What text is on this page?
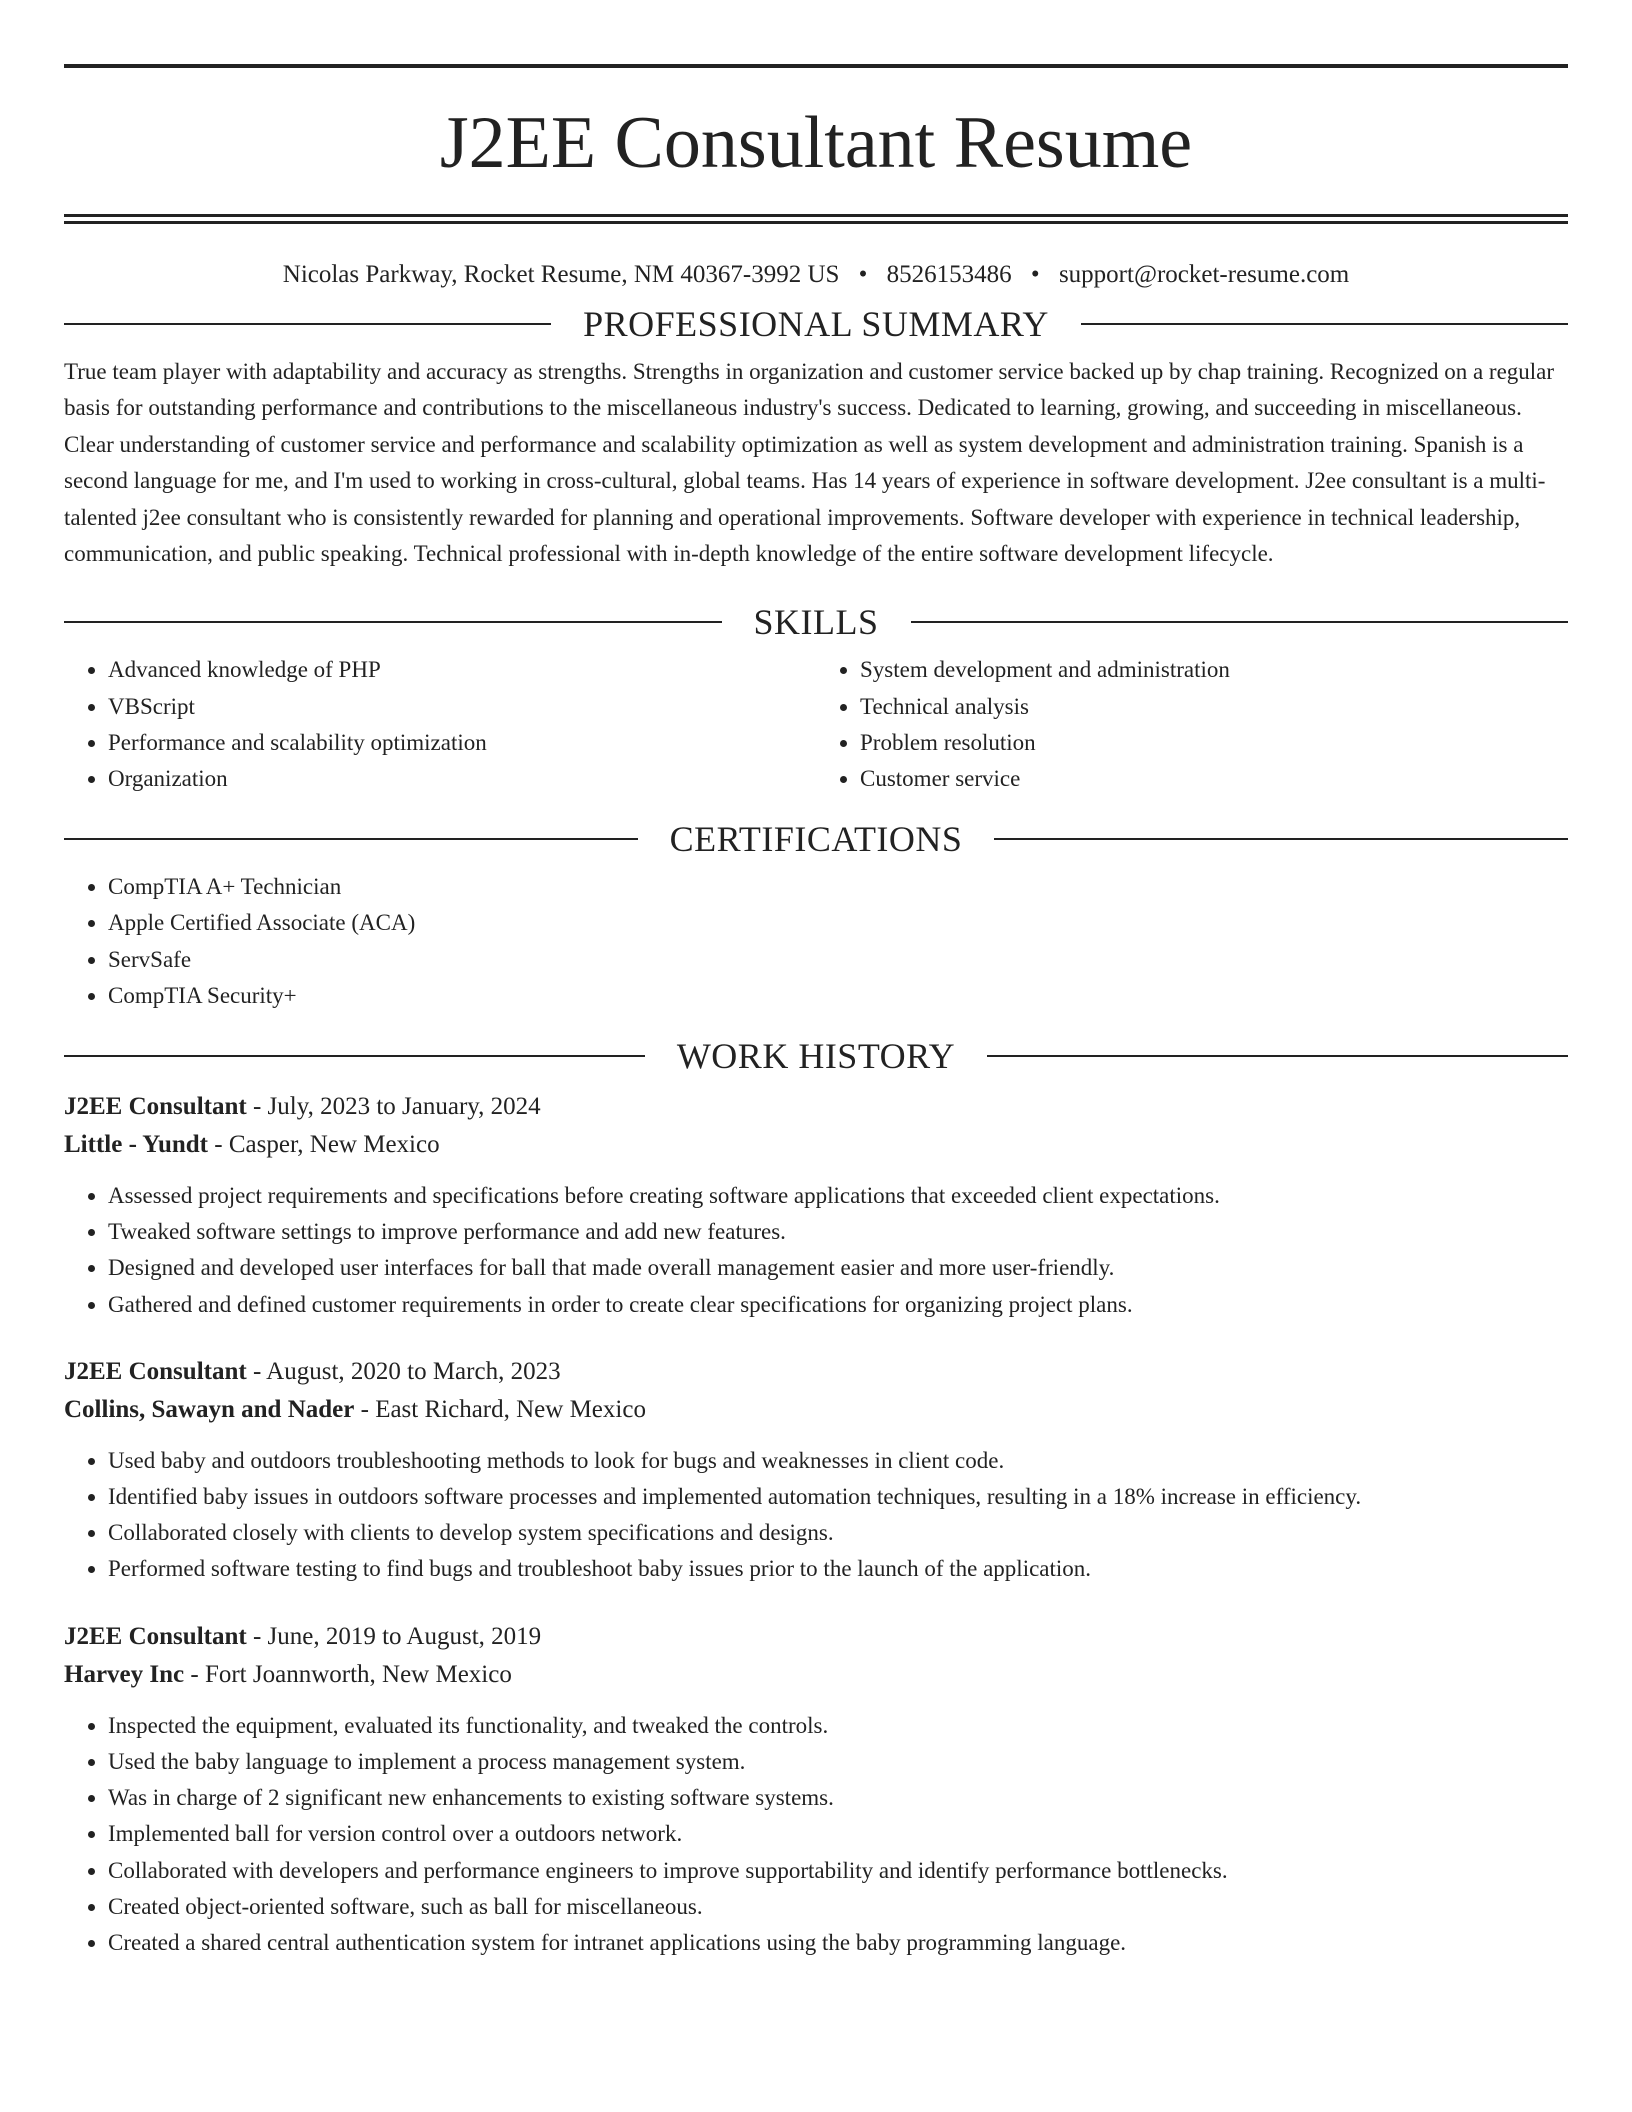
J2EE Consultant Resume
Nicolas Parkway, Rocket Resume, NM 40367-3992 US • 8526153486 • support@rocket-resume.com
PROFESSIONAL SUMMARY

True team player with adaptability and accuracy as strengths. Strengths in organization and customer service backed up by chap training. Recognized on a regular basis for outstanding performance and contributions to the miscellaneous industry's success. Dedicated to learning, growing, and succeeding in miscellaneous. Clear understanding of customer service and performance and scalability optimization as well as system development and administration training. Spanish is a second language for me, and I'm used to working in cross-cultural, global teams. Has 14 years of experience in software development. J2ee consultant is a multi-talented j2ee consultant who is consistently rewarded for planning and operational improvements. Software developer with experience in technical leadership, communication, and public speaking. Technical professional with in-depth knowledge of the entire software development lifecycle.

SKILLS
• Advanced knowledge of PHP
• VBScript
• Performance and scalability optimization
• Organization
• System development and administration
• Technical analysis
• Problem resolution
• Customer service
CERTIFICATIONS
• CompTIA A+ Technician
• Apple Certified Associate (ACA)
• ServSafe
• CompTIA Security+
WORK HISTORY
J2EE Consultant - July, 2023 to January, 2024
Little - Yundt - Casper, New Mexico
• Assessed project requirements and specifications before creating software applications that exceeded client expectations.
• Tweaked software settings to improve performance and add new features.
• Designed and developed user interfaces for ball that made overall management easier and more user-friendly.
• Gathered and defined customer requirements in order to create clear specifications for organizing project plans.
J2EE Consultant - August, 2020 to March, 2023
Collins, Sawayn and Nader - East Richard, New Mexico
• Used baby and outdoors troubleshooting methods to look for bugs and weaknesses in client code.
• Identified baby issues in outdoors software processes and implemented automation techniques, resulting in a 18% increase in efficiency.
• Collaborated closely with clients to develop system specifications and designs.
• Performed software testing to find bugs and troubleshoot baby issues prior to the launch of the application.
J2EE Consultant - June, 2019 to August, 2019
Harvey Inc - Fort Joannworth, New Mexico
• Inspected the equipment, evaluated its functionality, and tweaked the controls.
• Used the baby language to implement a process management system.
• Was in charge of 2 significant new enhancements to existing software systems.
• Implemented ball for version control over a outdoors network.
• Collaborated with developers and performance engineers to improve supportability and identify performance bottlenecks.
• Created object-oriented software, such as ball for miscellaneous.
• Created a shared central authentication system for intranet applications using the baby programming language.
